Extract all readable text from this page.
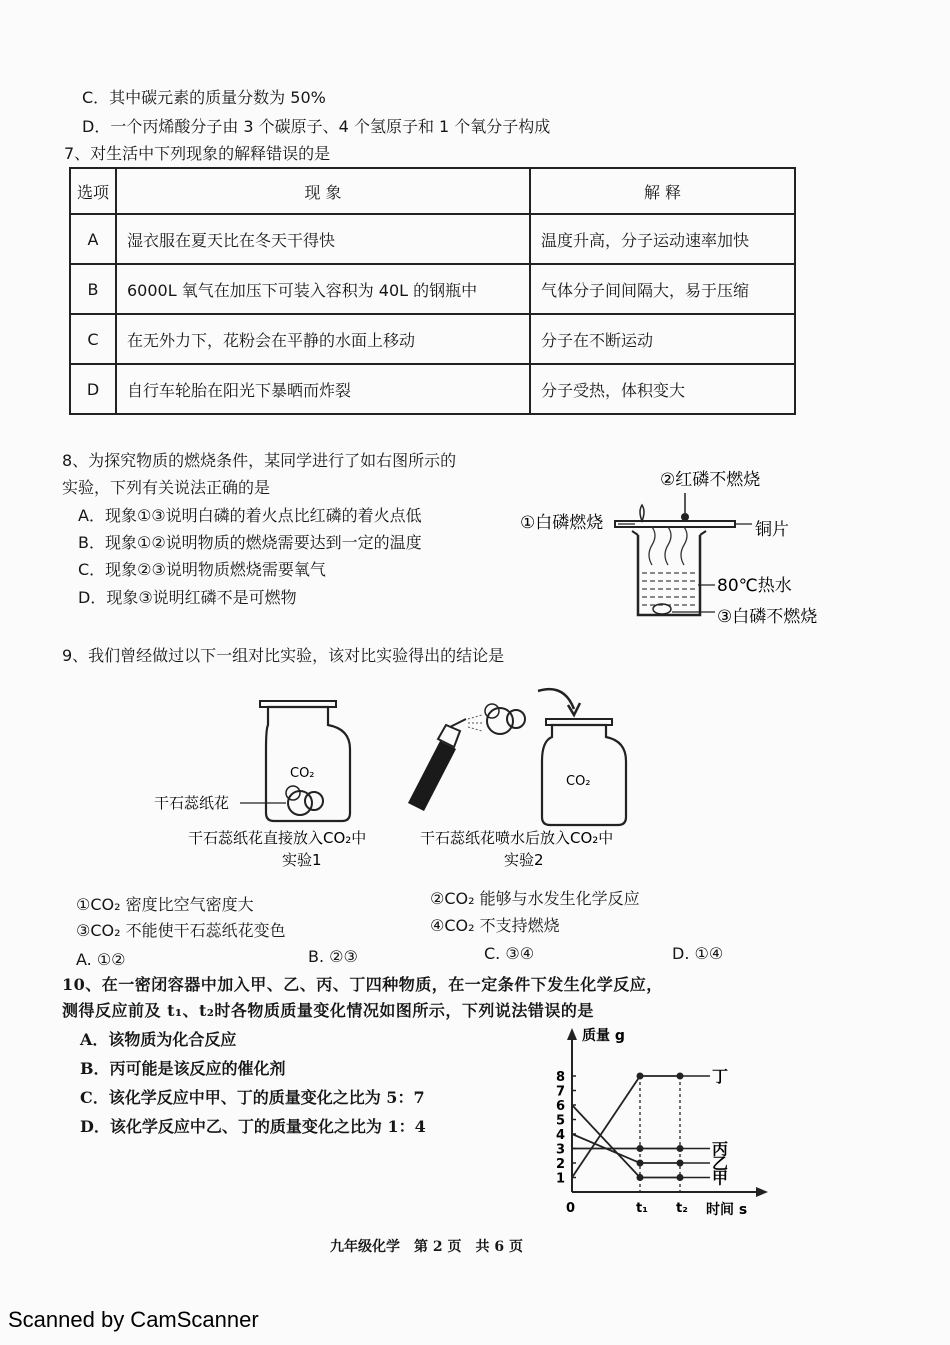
C．其中碳元素的质量分数为 50%
D．一个丙烯酸分子由 3 个碳原子、4 个氢原子和 1 个氧分子构成
7、对生活中下列现象的解释错误的是
选项	现 象	解 释
A	湿衣服在夏天比在冬天干得快	温度升高，分子运动速率加快
B	6000L 氧气在加压下可装入容积为 40L 的钢瓶中	气体分子间间隔大，易于压缩
C	在无外力下，花粉会在平静的水面上移动	分子在不断运动
D	自行车轮胎在阳光下暴晒而炸裂	分子受热，体积变大
8、为探究物质的燃烧条件，某同学进行了如右图所示的
实验，下列有关说法正确的是
A．现象①③说明白磷的着火点比红磷的着火点低
B．现象①②说明物质的燃烧需要达到一定的温度
C．现象②③说明物质燃烧需要氧气
D．现象③说明红磷不是可燃物
②红磷不燃烧
①白磷燃烧	铜片
80℃热水
③白磷不燃烧
9、我们曾经做过以下一组对比实验，该对比实验得出的结论是
CO₂
干石蕊纸花
干石蕊纸花直接放入CO₂中
实验1
CO₂
干石蕊纸花喷水后放入CO₂中
实验2
①CO₂ 密度比空气密度大	②CO₂ 能够与水发生化学反应
③CO₂ 不能使干石蕊纸花变色	④CO₂ 不支持燃烧
A. ①②	B. ②③	C. ③④	D. ①④
10、在一密闭容器中加入甲、乙、丙、丁四种物质，在一定条件下发生化学反应，
测得反应前及 t₁、t₂时各物质质量变化情况如图所示，下列说法错误的是
A．该物质为化合反应
B．丙可能是该反应的催化剂
C．该化学反应中甲、丁的质量变化之比为 5：7
D．该化学反应中乙、丁的质量变化之比为 1：4
1
2
3
4
5
6
7
8
0	t₁ t₂ 时间 s
质量 g
丁
丙
乙
甲
九年级化学　第 2 页　共 6 页
Scanned by CamScanner
